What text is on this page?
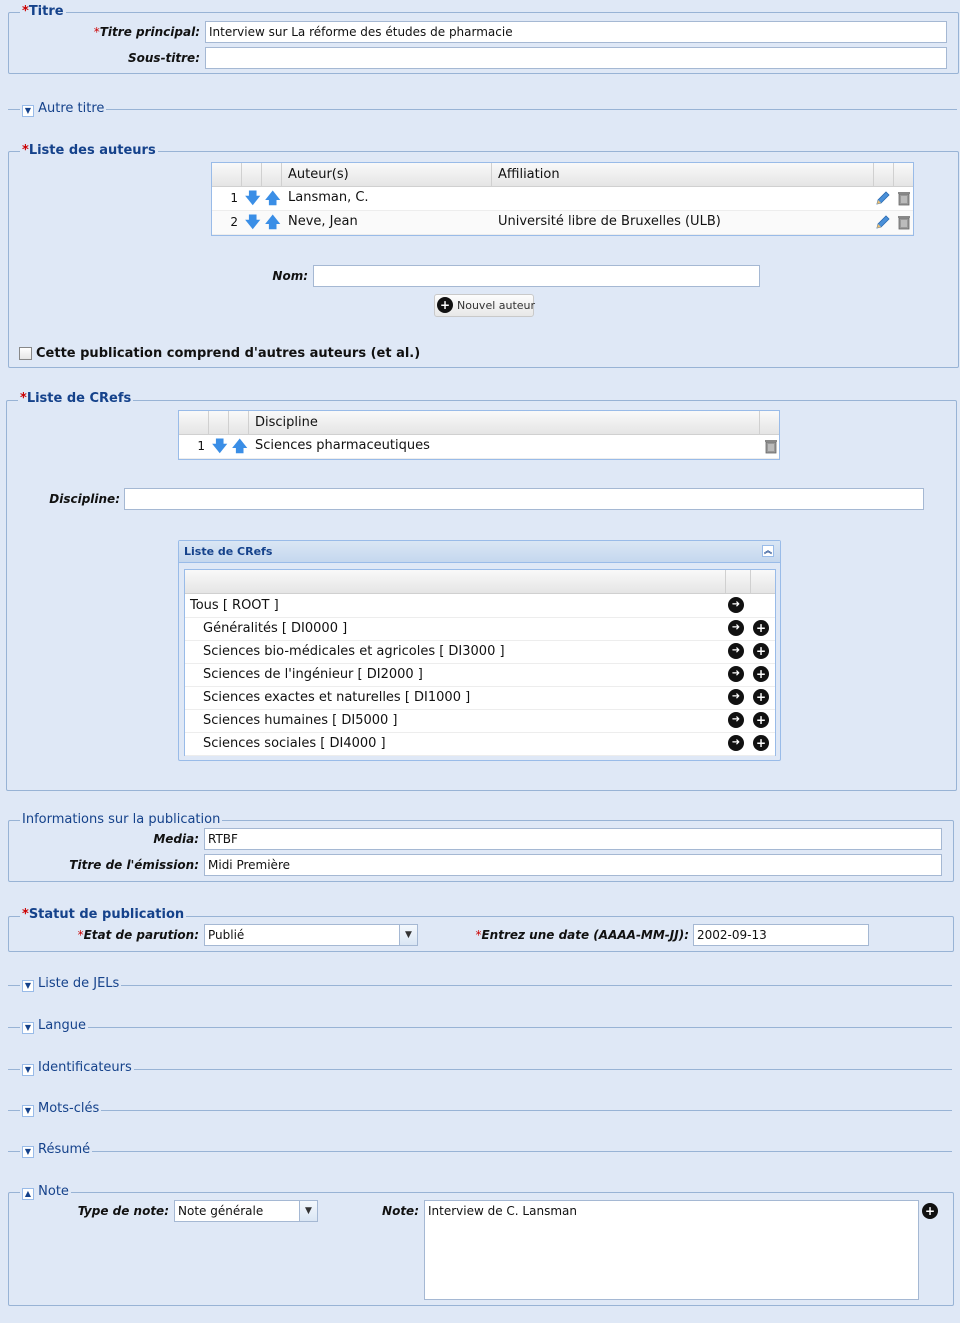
*Titre
*Titre principal: Interview sur La réforme des études de pharmacie
Sous-titre:
▼ Autre titre
*Liste des auteurs
Auteur(s)	Affiliation
1 🡇 🡅 Lansman, C.
2 🡇 🡅 Neve, Jean	Université libre de Bruxelles (ULB)
Nom:
+ Nouvel auteur
Cette publication comprend d'autres auteurs (et al.)
*Liste de CRefs
Discipline
1 🡇 🡅 Sciences pharmaceutiques
Discipline:
Liste de CRefs	︽
Tous [ ROOT ]	➜
Généralités [ DI0000 ]	➜	+
Sciences bio-médicales et agricoles [ DI3000 ]	➜	+
Sciences de l'ingénieur [ DI2000 ]	➜	+
Sciences exactes et naturelles [ DI1000 ]	➜	+
Sciences humaines [ DI5000 ]	➜	+
Sciences sociales [ DI4000 ]	➜	+
Informations sur la publication
Media: RTBF
Titre de l'émission: Midi Première
*Statut de publication
*Etat de parution: Publié	▼	*Entrez une date (AAAA-MM-JJ): 2002-09-13
▼ Liste de JELs
▼ Langue
▼ Identificateurs
▼ Mots-clés
▼ Résumé
▲ Note
Type de note: Note générale	▼	Note: Interview de C. Lansman	+
